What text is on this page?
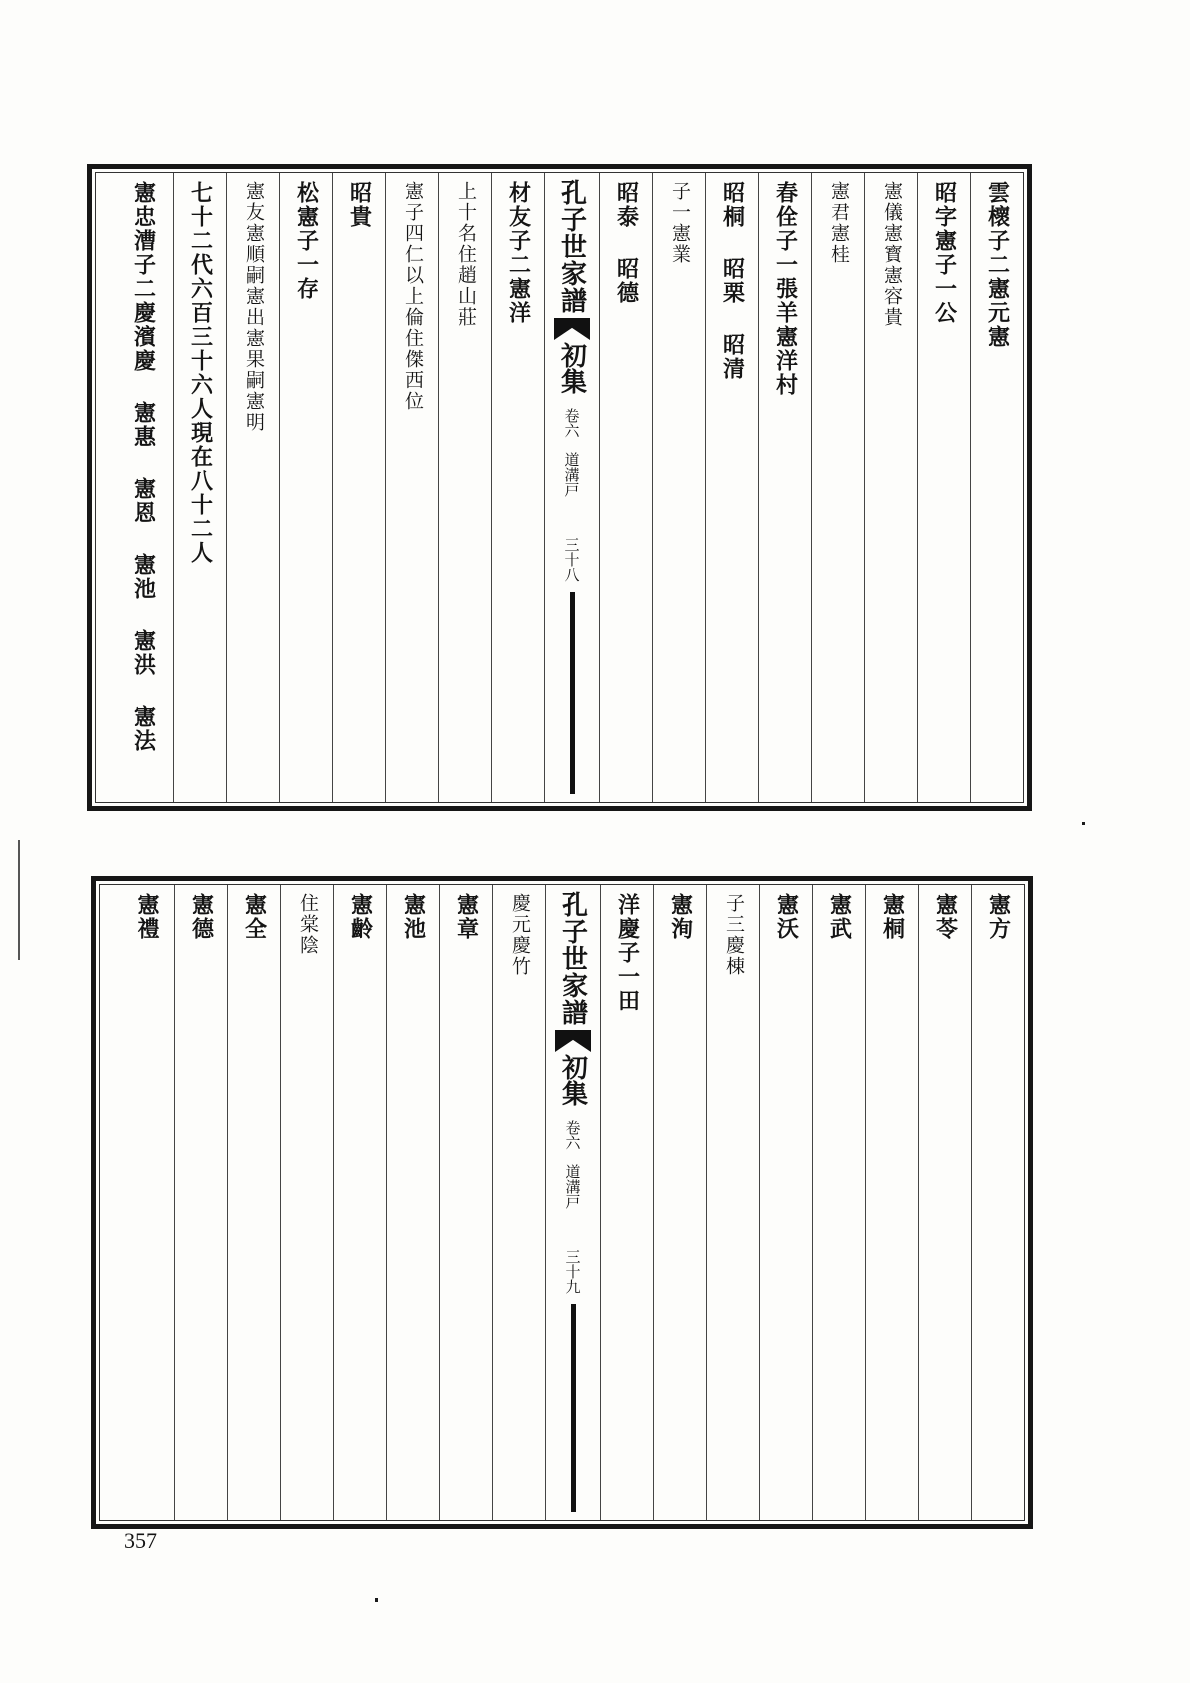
雲櫰子二憲元憲
昭字憲子一公
憲儀憲寳憲容貴
憲君憲桂
春佺子一張羊憲洋村
昭桐 昭栗 昭清
子一憲業
昭泰 昭德
孔子世家譜
初集
卷六
道溝戸
三十八
材友子二憲洋
上十名住趙山莊
憲子四仁以上倫住傑西位
昭貴
松憲子一存
憲友憲順嗣憲出憲果嗣憲明
七十二代六百三十六人現在八十二人
憲忠漕子二慶濱慶 憲惠 憲恩 憲池 憲洪 憲法
憲方
憲苓
憲桐
憲武
憲沃
子三慶棟
憲洵
洋慶子一田
孔子世家譜
初集
卷六
道溝戸
三十九
慶元慶竹
憲章
憲池
憲齡
住棠陰
憲全
憲德
憲禮
357
